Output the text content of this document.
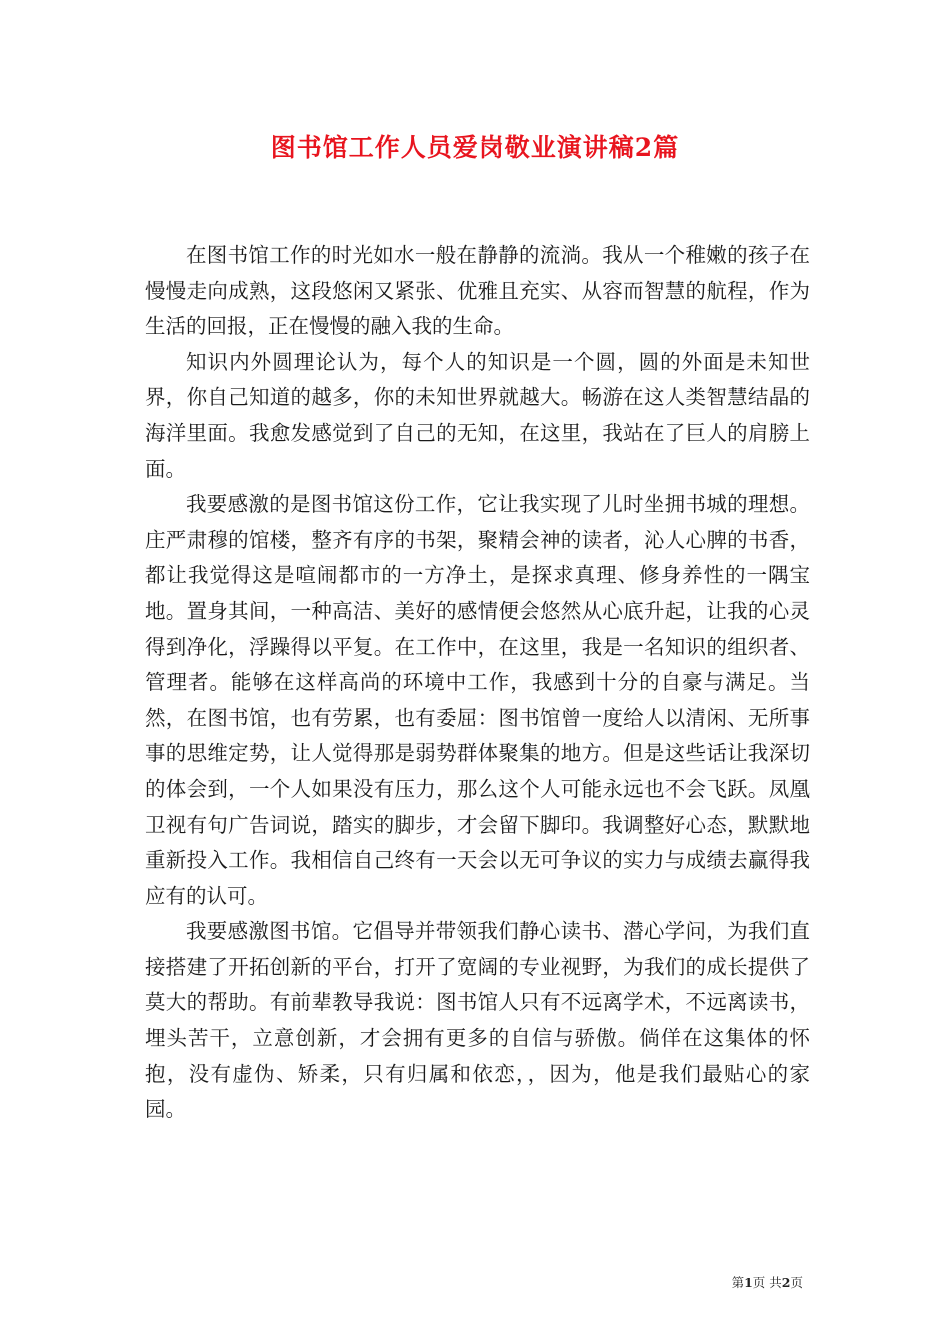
图书馆工作人员爱岗敬业演讲稿2篇

在图书馆工作的时光如水一般在静静的流淌。我从一个稚嫩的孩子在慢慢走向成熟，这段悠闲又紧张、优雅且充实、从容而智慧的航程，作为生活的回报，正在慢慢的融入我的生命。

知识内外圆理论认为，每个人的知识是一个圆，圆的外面是未知世界，你自己知道的越多，你的未知世界就越大。畅游在这人类智慧结晶的海洋里面。我愈发感觉到了自己的无知，在这里，我站在了巨人的肩膀上面。

我要感激的是图书馆这份工作，它让我实现了儿时坐拥书城的理想。庄严肃穆的馆楼，整齐有序的书架，聚精会神的读者，沁人心脾的书香，都让我觉得这是喧闹都市的一方净土，是探求真理、修身养性的一隅宝地。置身其间，一种高洁、美好的感情便会悠然从心底升起，让我的心灵得到净化，浮躁得以平复。在工作中，在这里，我是一名知识的组织者、管理者。能够在这样高尚的环境中工作，我感到十分的自豪与满足。当然，在图书馆，也有劳累，也有委屈：图书馆曾一度给人以清闲、无所事事的思维定势，让人觉得那是弱势群体聚集的地方。但是这些话让我深切的体会到，一个人如果没有压力，那么这个人可能永远也不会飞跃。凤凰卫视有句广告词说，踏实的脚步，才会留下脚印。我调整好心态，默默地重新投入工作。我相信自己终有一天会以无可争议的实力与成绩去赢得我应有的认可。

我要感激图书馆。它倡导并带领我们静心读书、潜心学问，为我们直接搭建了开拓创新的平台，打开了宽阔的专业视野，为我们的成长提供了莫大的帮助。有前辈教导我说：图书馆人只有不远离学术，不远离读书，埋头苦干，立意创新，才会拥有更多的自信与骄傲。倘佯在这集体的怀抱，没有虚伪、矫柔，只有归属和依恋，，因为，他是我们最贴心的家园。

第1页 共2页
